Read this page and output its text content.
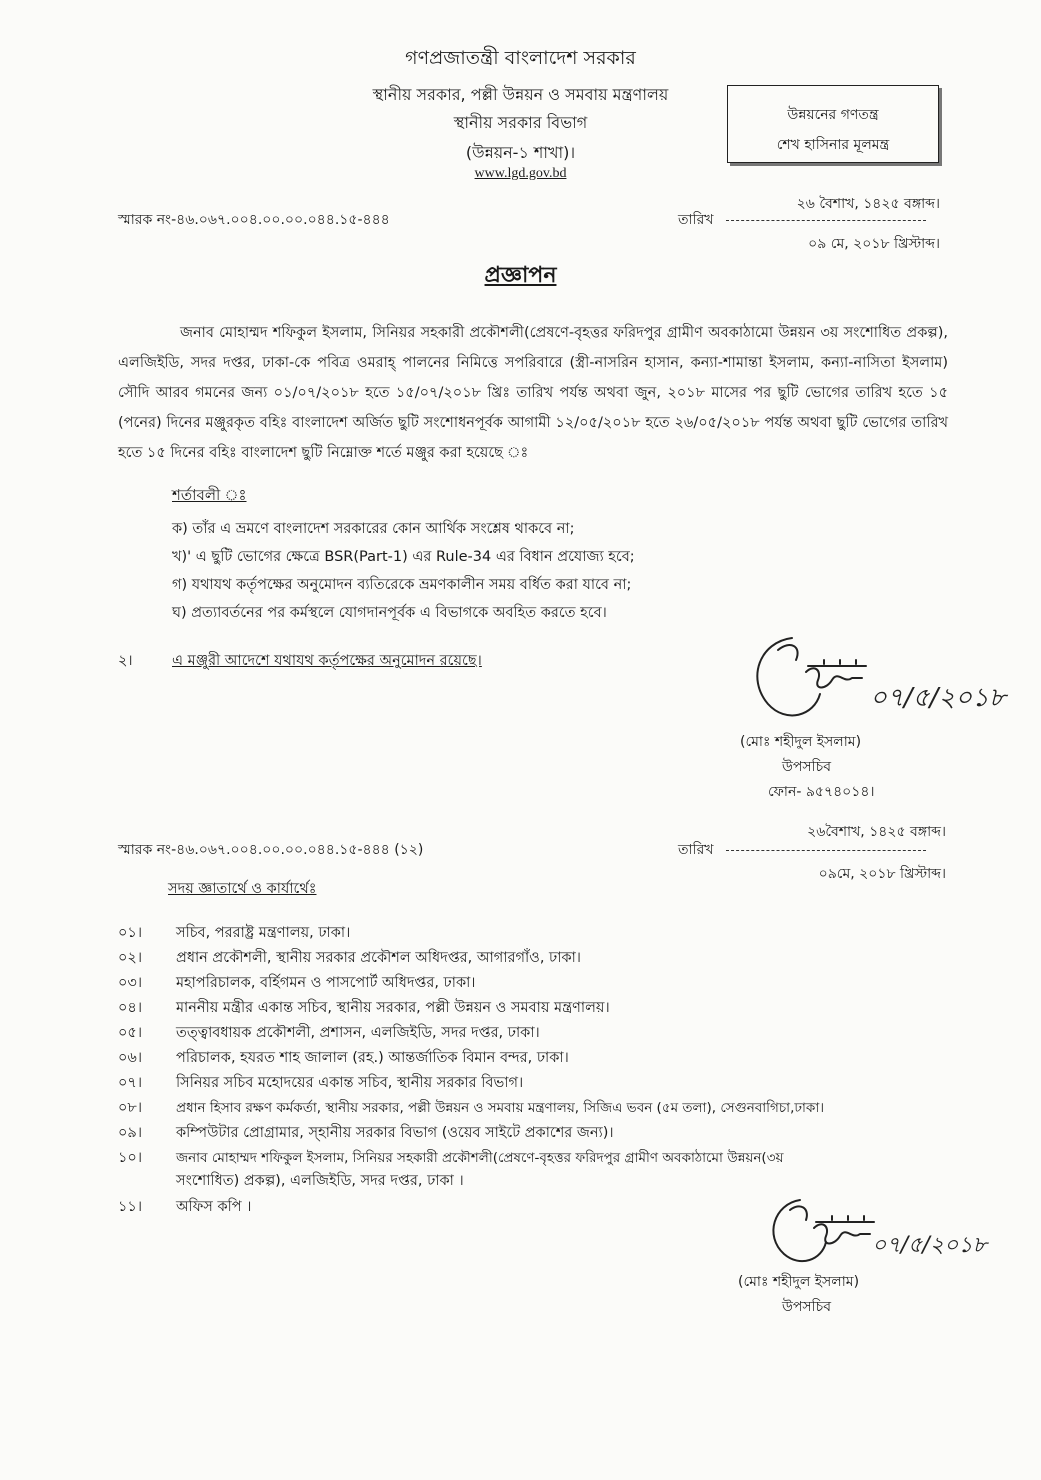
গণপ্রজাতন্ত্রী বাংলাদেশ সরকার
স্থানীয় সরকার, পল্লী উন্নয়ন ও সমবায় মন্ত্রণালয়
স্থানীয় সরকার বিভাগ
(উন্নয়ন-১ শাখা)।
www.lgd.gov.bd
উন্নয়নের গণতন্ত্র
শেখ হাসিনার মূলমন্ত্র
২৬ বৈশাখ, ১৪২৫ বঙ্গাব্দ।
স্মারক নং-৪৬.০৬৭.০০৪.০০.০০.০৪৪.১৫-৪৪৪	তারিখ
০৯ মে, ২০১৮ খ্রিস্টাব্দ।
প্রজ্ঞাপন
জনাব মোহাম্মদ শফিকুল ইসলাম, সিনিয়র সহকারী প্রকৌশলী(প্রেষণে-বৃহত্তর ফরিদপুর গ্রামীণ অবকাঠামো উন্নয়ন ৩য় সংশোধিত প্রকল্প), এলজিইডি, সদর দপ্তর, ঢাকা-কে পবিত্র ওমরাহ্‌ পালনের নিমিত্তে সপরিবারে (স্ত্রী-নাসরিন হাসান, কন্যা-শামান্তা ইসলাম, কন্যা-নাসিতা ইসলাম) সৌদি আরব গমনের জন্য ০১/০৭/২০১৮ হতে ১৫/০৭/২০১৮ খ্রিঃ তারিখ পর্যন্ত অথবা জুন, ২০১৮ মাসের পর ছুটি ভোগের তারিখ হতে ১৫ (পনের) দিনের মঞ্জুরকৃত বহিঃ বাংলাদেশ অর্জিত ছুটি সংশোধনপূর্বক আগামী ১২/০৫/২০১৮ হতে ২৬/০৫/২০১৮ পর্যন্ত অথবা ছুটি ভোগের তারিখ হতে ১৫ দিনের বহিঃ বাংলাদেশ ছুটি নিম্নোক্ত শর্তে মঞ্জুর করা হয়েছে ঃ
শর্তাবলী ঃ
ক) তাঁর এ ভ্রমণে বাংলাদেশ সরকারের কোন আর্থিক সংশ্লেষ থাকবে না;
খ)' এ ছুটি ভোগের ক্ষেত্রে BSR(Part-1) এর Rule-34 এর বিধান প্রযোজ্য হবে;
গ) যথাযথ কর্তৃপক্ষের অনুমোদন ব্যতিরেকে ভ্রমণকালীন সময় বর্ধিত করা যাবে না;
ঘ) প্রত্যাবর্তনের পর কর্মস্থলে যোগদানপূর্বক এ বিভাগকে অবহিত করতে হবে।
২।	এ মঞ্জুরী আদেশে যথাযথ কর্তৃপক্ষের অনুমোদন রয়েছে।
০৭/৫/২০১৮
(মোঃ শহীদুল ইসলাম)
উপসচিব
ফোন- ৯৫৭৪০১৪।
২৬বৈশাখ, ১৪২৫ বঙ্গাব্দ।
স্মারক নং-৪৬.০৬৭.০০৪.০০.০০.০৪৪.১৫-৪৪৪ (১২)	তারিখ
০৯মে, ২০১৮ খ্রিস্টাব্দ।
সদয় জ্ঞাতার্থে ও কার্যার্থেঃ
০১। সচিব, পররাষ্ট্র মন্ত্রণালয়, ঢাকা।
০২। প্রধান প্রকৌশলী, স্থানীয় সরকার প্রকৌশল অধিদপ্তর, আগারগাঁও, ঢাকা।
০৩। মহাপরিচালক, বর্হিগমন ও পাসপোর্ট অধিদপ্তর, ঢাকা।
০৪। মাননীয় মন্ত্রীর একান্ত সচিব, স্থানীয় সরকার, পল্লী উন্নয়ন ও সমবায় মন্ত্রণালয়।
০৫। তত্ত্বাবধায়ক প্রকৌশলী, প্রশাসন, এলজিইডি, সদর দপ্তর, ঢাকা।
০৬। পরিচালক, হযরত শাহ জালাল (রহ.) আন্তর্জাতিক বিমান বন্দর, ঢাকা।
০৭। সিনিয়র সচিব মহোদয়ের একান্ত সচিব, স্থানীয় সরকার বিভাগ।
০৮।	প্রধান হিসাব রক্ষণ কর্মকর্তা, স্থানীয় সরকার, পল্লী উন্নয়ন ও সমবায় মন্ত্রণালয়, সিজিএ ভবন (৫ম তলা), সেগুনবাগিচা,ঢাকা।
০৯। কম্পিউটার প্রোগ্রামার, স্হানীয় সরকার বিভাগ (ওয়েব সাইটে প্রকাশের জন্য)।
১০।	জনাব মোহাম্মদ শফিকুল ইসলাম, সিনিয়র সহকারী প্রকৌশলী(প্রেষণে-বৃহত্তর ফরিদপুর গ্রামীণ অবকাঠামো উন্নয়ন(৩য়
সংশোধিত) প্রকল্প), এলজিইডি, সদর দপ্তর, ঢাকা ।
১১। অফিস কপি ।
০৭/৫/২০১৮
(মোঃ শহীদুল ইসলাম)
উপসচিব
